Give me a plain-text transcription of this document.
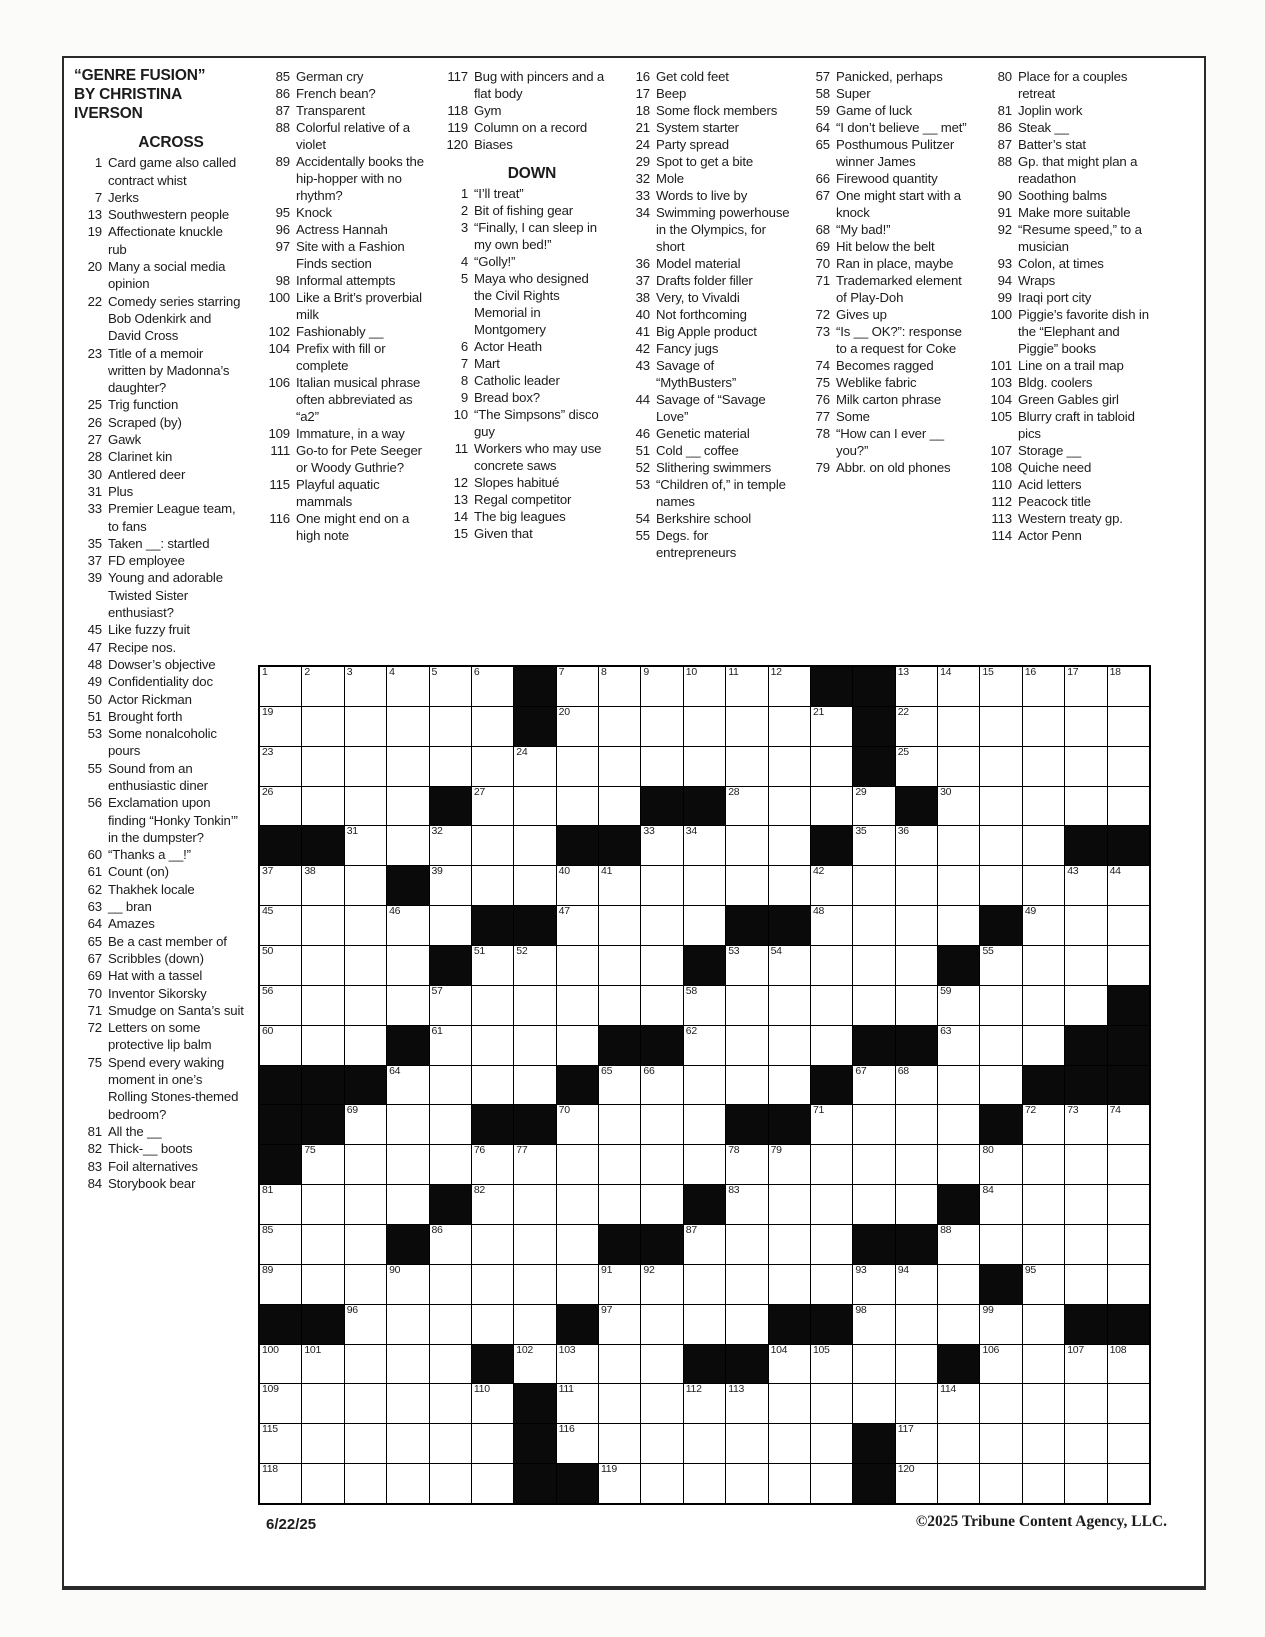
“GENRE FUSION”
BY CHRISTINA
IVERSON
ACROSS
1 Card game also called contract whist
7 Jerks
13 Southwestern people
19 Affectionate knuckle rub
20 Many a social media opinion
22 Comedy series starring Bob Odenkirk and David Cross
23 Title of a memoir written by Madonna’s daughter?
25 Trig function
26 Scraped (by)
27 Gawk
28 Clarinet kin
30 Antlered deer
31 Plus
33 Premier League team, to fans
35 Taken __: startled
37 FD employee
39 Young and adorable Twisted Sister enthusiast?
45 Like fuzzy fruit
47 Recipe nos.
48 Dowser’s objective
49 Confidentiality doc
50 Actor Rickman
51 Brought forth
53 Some nonalcoholic pours
55 Sound from an enthusiastic diner
56 Exclamation upon finding “Honky Tonkin’” in the dumpster?
60 “Thanks a __!”
61 Count (on)
62 Thakhek locale
63 __ bran
64 Amazes
65 Be a cast member of
67 Scribbles (down)
69 Hat with a tassel
70 Inventor Sikorsky
71 Smudge on Santa’s suit
72 Letters on some protective lip balm
75 Spend every waking moment in one’s Rolling Stones-themed bedroom?
81 All the __
82 Thick-__ boots
83 Foil alternatives
84 Storybook bear
85 German cry
86 French bean?
87 Transparent
88 Colorful relative of a violet
89 Accidentally books the hip-hopper with no rhythm?
95 Knock
96 Actress Hannah
97 Site with a Fashion Finds section
98 Informal attempts
100 Like a Brit’s proverbial milk
102 Fashionably __
104 Prefix with fill or complete
106 Italian musical phrase often abbreviated as “a2”
109 Immature, in a way
111 Go-to for Pete Seeger or Woody Guthrie?
115 Playful aquatic mammals
116 One might end on a high note
117 Bug with pincers and a flat body
118 Gym
119 Column on a record
120 Biases
DOWN
1 “I’ll treat”
2 Bit of fishing gear
3 “Finally, I can sleep in my own bed!”
4 “Golly!”
5 Maya who designed the Civil Rights Memorial in Montgomery
6 Actor Heath
7 Mart
8 Catholic leader
9 Bread box?
10 “The Simpsons” disco guy
11 Workers who may use concrete saws
12 Slopes habitué
13 Regal competitor
14 The big leagues
15 Given that
16 Get cold feet
17 Beep
18 Some flock members
21 System starter
24 Party spread
29 Spot to get a bite
32 Mole
33 Words to live by
34 Swimming powerhouse in the Olympics, for short
36 Model material
37 Drafts folder filler
38 Very, to Vivaldi
40 Not forthcoming
41 Big Apple product
42 Fancy jugs
43 Savage of “MythBusters”
44 Savage of “Savage Love”
46 Genetic material
51 Cold __ coffee
52 Slithering swimmers
53 “Children of,” in temple names
54 Berkshire school
55 Degs. for entrepreneurs
57 Panicked, perhaps
58 Super
59 Game of luck
64 “I don’t believe __ met”
65 Posthumous Pulitzer winner James
66 Firewood quantity
67 One might start with a knock
68 “My bad!”
69 Hit below the belt
70 Ran in place, maybe
71 Trademarked element of Play-Doh
72 Gives up
73 “Is __ OK?”: response to a request for Coke
74 Becomes ragged
75 Weblike fabric
76 Milk carton phrase
77 Some
78 “How can I ever __ you?”
79 Abbr. on old phones
80 Place for a couples retreat
81 Joplin work
86 Steak __
87 Batter’s stat
88 Gp. that might plan a readathon
90 Soothing balms
91 Make more suitable
92 “Resume speed,” to a musician
93 Colon, at times
94 Wraps
99 Iraqi port city
100 Piggie’s favorite dish in the “Elephant and Piggie” books
101 Line on a trail map
103 Bldg. coolers
104 Green Gables girl
105 Blurry craft in tabloid pics
107 Storage __
108 Quiche need
110 Acid letters
112 Peacock title
113 Western treaty gp.
114 Actor Penn
1	2	3	4	5	6	7	8	9	10	11	12	13	14	15	16	17	18
19	20	21	22
23	24	25
26	27	28	29	30
31	32	33	34	35	36
37	38	39	40	41	42	43	44
45	46	47	48	49
50	51	52	53	54	55
56	57	58	59
60	61	62	63
64	65	66	67	68
69	70	71	72	73	74
75	76	77	78	79	80
81	82	83	84
85	86	87	88
89	90	91	92	93	94	95
96	97	98	99
100 101	102 103	104 105	106	107 108
109	110	111	112	113	114
115	116	117
118	119	120
6/22/25	©2025 Tribune Content Agency, LLC.
